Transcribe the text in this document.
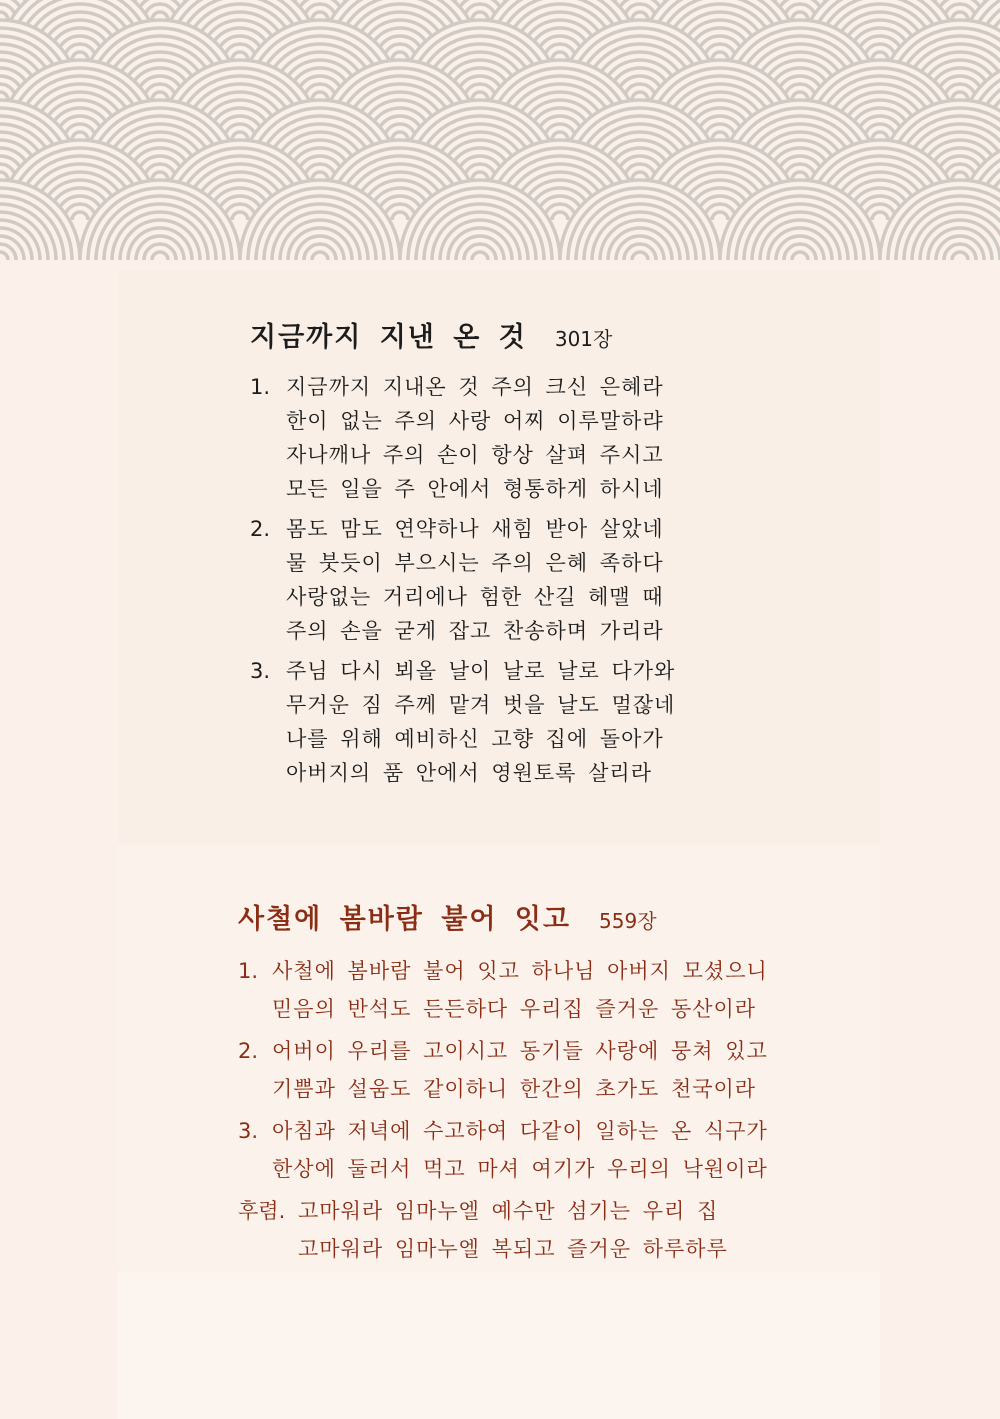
지금까지 지낸 온 것 301장
1. 지금까지 지내온 것 주의 크신 은혜라
한이 없는 주의 사랑 어찌 이루말하랴
자나깨나 주의 손이 항상 살펴 주시고
모든 일을 주 안에서 형통하게 하시네
2. 몸도 맘도 연약하나 새힘 받아 살았네
물 붓듯이 부으시는 주의 은혜 족하다
사랑없는 거리에나 험한 산길 헤맬 때
주의 손을 굳게 잡고 찬송하며 가리라
3. 주님 다시 뵈올 날이 날로 날로 다가와
무거운 짐 주께 맡겨 벗을 날도 멀잖네
나를 위해 예비하신 고향 집에 돌아가
아버지의 품 안에서 영원토록 살리라
사철에 봄바람 불어 잇고 559장
1. 사철에 봄바람 불어 잇고 하나님 아버지 모셨으니
믿음의 반석도 든든하다 우리집 즐거운 동산이라
2. 어버이 우리를 고이시고 동기들 사랑에 뭉쳐 있고
기쁨과 설움도 같이하니 한간의 초가도 천국이라
3. 아침과 저녁에 수고하여 다같이 일하는 온 식구가
한상에 둘러서 먹고 마셔 여기가 우리의 낙원이라
후렴. 고마워라 임마누엘 예수만 섬기는 우리 집
고마워라 임마누엘 복되고 즐거운 하루하루
